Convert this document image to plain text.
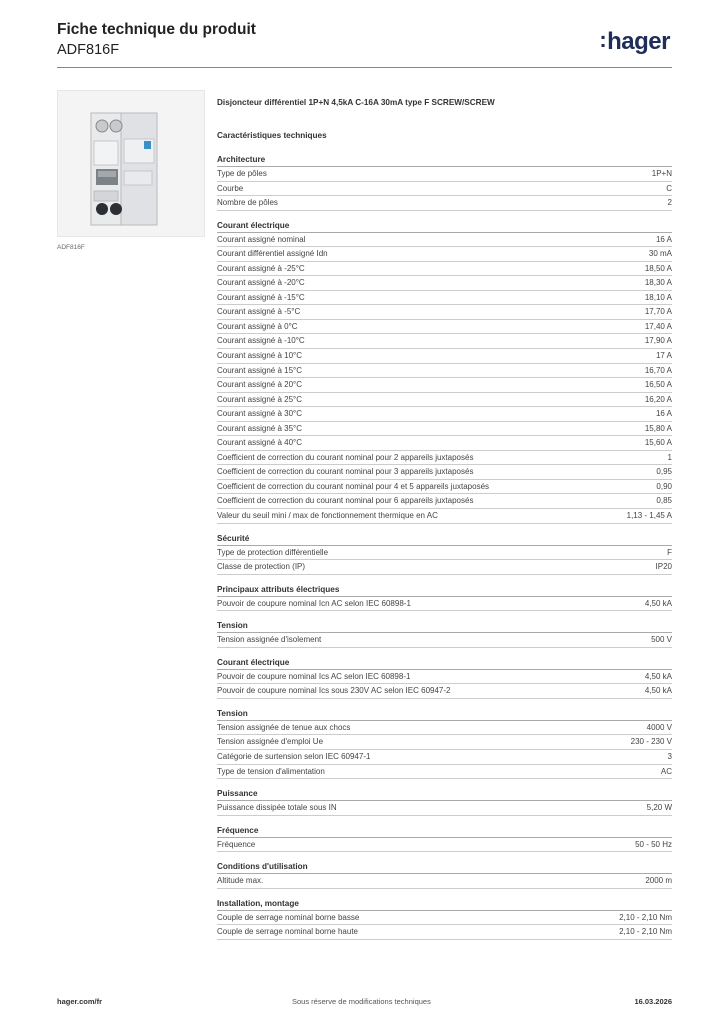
Fiche technique du produit
ADF816F	:hager
ADF816F
Disjoncteur différentiel 1P+N 4,5kA C-16A 30mA type F SCREW/SCREW
Caractéristiques techniques
Architecture
Type de pôles	1P+N
Courbe	C
Nombre de pôles	2
Courant électrique
Courant assigné nominal	16 A
Courant différentiel assigné Idn	30 mA
Courant assigné à -25°C	18,50 A
Courant assigné à -20°C	18,30 A
Courant assigné à -15°C	18,10 A
Courant assigné à -5°C	17,70 A
Courant assigné à 0°C	17,40 A
Courant assigné à -10°C	17,90 A
Courant assigné à 10°C	17 A
Courant assigné à 15°C	16,70 A
Courant assigné à 20°C	16,50 A
Courant assigné à 25°C	16,20 A
Courant assigné à 30°C	16 A
Courant assigné à 35°C	15,80 A
Courant assigné à 40°C	15,60 A
Coefficient de correction du courant nominal pour 2 appareils juxtaposés	1
Coefficient de correction du courant nominal pour 3 appareils juxtaposés	0,95
Coefficient de correction du courant nominal pour 4 et 5 appareils juxtaposés	0,90
Coefficient de correction du courant nominal pour 6 appareils juxtaposés	0,85
Valeur du seuil mini / max de fonctionnement thermique en AC	1,13 - 1,45 A
Sécurité
Type de protection différentielle	F
Classe de protection (IP)	IP20
Principaux attributs électriques
Pouvoir de coupure nominal Icn AC selon IEC 60898-1	4,50 kA
Tension
Tension assignée d'isolement	500 V
Courant électrique
Pouvoir de coupure nominal Ics AC selon IEC 60898-1	4,50 kA
Pouvoir de coupure nominal Ics sous 230V AC selon IEC 60947-2	4,50 kA
Tension
Tension assignée de tenue aux chocs	4000 V
Tension assignée d'emploi Ue	230 - 230 V
Catégorie de surtension selon IEC 60947-1	3
Type de tension d'alimentation	AC
Puissance
Puissance dissipée totale sous IN	5,20 W
Fréquence
Fréquence	50 - 50 Hz
Conditions d'utilisation
Altitude max.	2000 m
Installation, montage
Couple de serrage nominal borne basse	2,10 - 2,10 Nm
Couple de serrage nominal borne haute	2,10 - 2,10 Nm
hager.com/fr	Sous réserve de modifications techniques	16.03.2026
